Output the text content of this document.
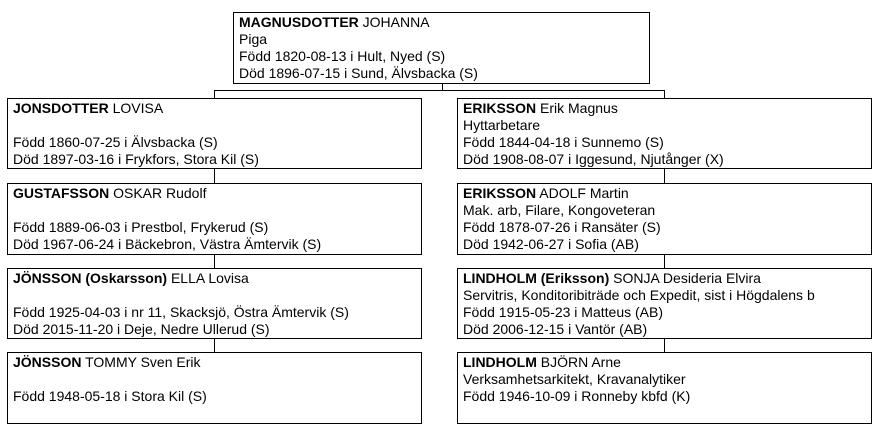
MAGNUSDOTTER JOHANNA
Piga
Född 1820-08-13 i Hult, Nyed (S)
Död 1896-07-15 i Sund, Älvsbacka (S)
JONSDOTTER LOVISA
Född 1860-07-25 i Älvsbacka (S)
Död 1897-03-16 i Frykfors, Stora Kil (S)
GUSTAFSSON OSKAR Rudolf
Född 1889-06-03 i Prestbol, Frykerud (S)
Död 1967-06-24 i Bäckebron, Västra Ämtervik (S)
JÖNSSON (Oskarsson) ELLA Lovisa
Född 1925-04-03 i nr 11, Skacksjö, Östra Ämtervik (S)
Död 2015-11-20 i Deje, Nedre Ullerud (S)
JÖNSSON TOMMY Sven Erik
Född 1948-05-18 i Stora Kil (S)
ERIKSSON Erik Magnus
Hyttarbetare
Född 1844-04-18 i Sunnemo (S)
Död 1908-08-07 i Iggesund, Njutånger (X)
ERIKSSON ADOLF Martin
Mak. arb, Filare, Kongoveteran
Född 1878-07-26 i Ransäter (S)
Död 1942-06-27 i Sofia (AB)
LINDHOLM (Eriksson) SONJA Desideria Elvira
Servitris, Konditoribiträde och Expedit, sist i Högdalens b
Född 1915-05-23 i Matteus (AB)
Död 2006-12-15 i Vantör (AB)
LINDHOLM BJÖRN Arne
Verksamhetsarkitekt, Kravanalytiker
Född 1946-10-09 i Ronneby kbfd (K)
